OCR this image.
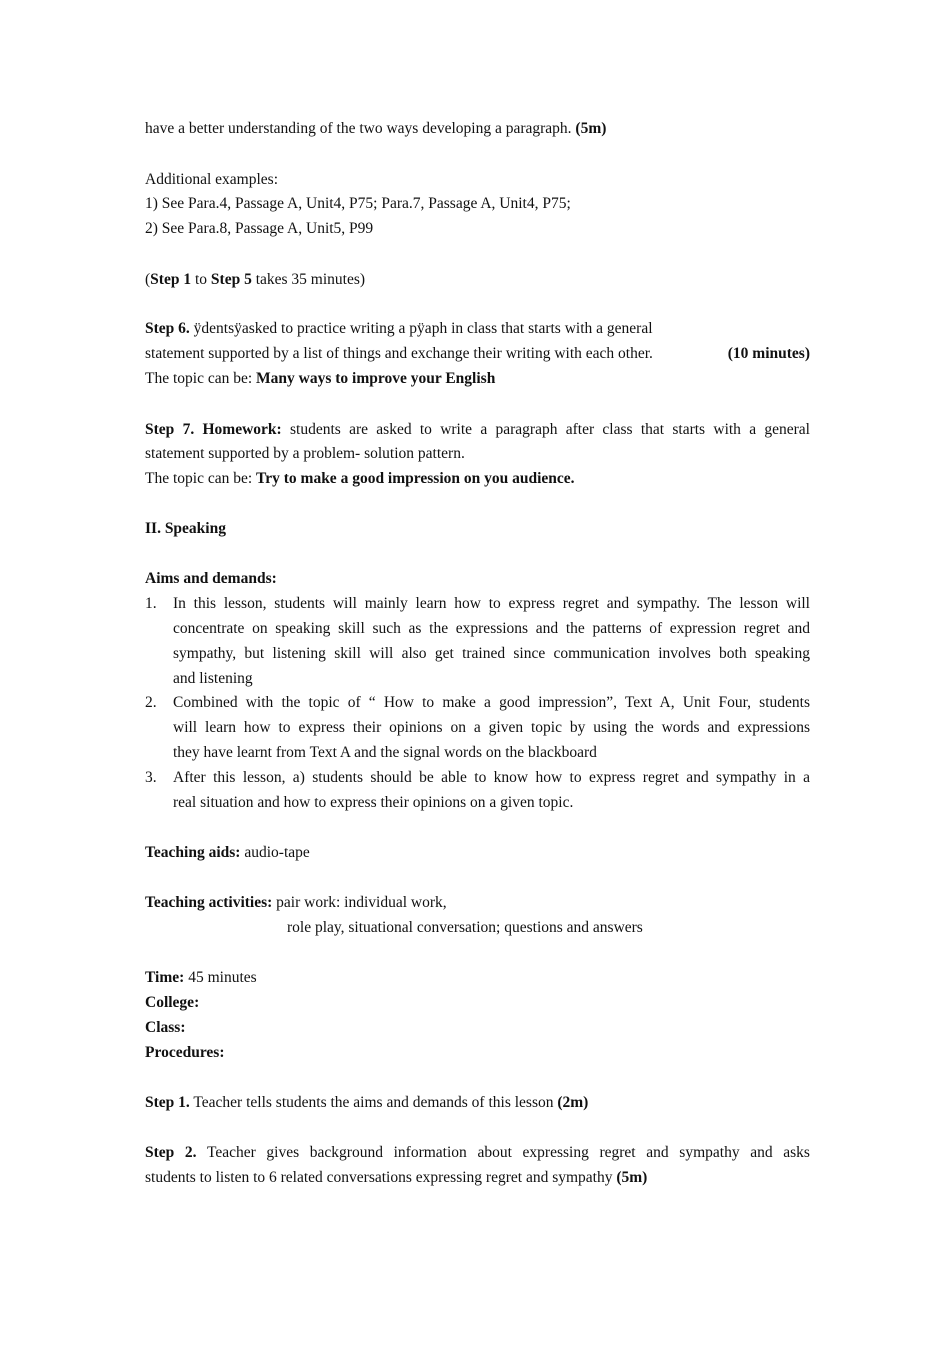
have a better understanding of the two ways developing a paragraph. (5m)
Additional examples:
1) See Para.4, Passage A, Unit4, P75; Para.7, Passage A, Unit4, P75;
2) See Para.8, Passage A, Unit5, P99
(Step 1 to Step 5 takes 35 minutes)
Step 6. ÿdentsÿasked to practice writing a pÿaph in class that starts with a general
statement supported by a list of things and exchange their writing with each other.	(10 minutes)
The topic can be: Many ways to improve your English
Step 7. Homework: students are asked to write a paragraph after class that starts with a general
statement supported by a problem- solution pattern.
The topic can be: Try to make a good impression on you audience.
II. Speaking
Aims and demands:
1. In this lesson, students will mainly learn how to express regret and sympathy. The lesson will
concentrate on speaking skill such as the expressions and the patterns of expression regret and
sympathy, but listening skill will also get trained since communication involves both speaking
and listening
2. Combined with the topic of “ How to make a good impression”, Text A, Unit Four, students
will learn how to express their opinions on a given topic by using the words and expressions
they have learnt from Text A and the signal words on the blackboard
3. After this lesson, a) students should be able to know how to express regret and sympathy in a
real situation and how to express their opinions on a given topic.
Teaching aids: audio-tape
Teaching activities: pair work: individual work,
role play, situational conversation; questions and answers
Time: 45 minutes
College:
Class:
Procedures:
Step 1. Teacher tells students the aims and demands of this lesson (2m)
Step 2. Teacher gives background information about expressing regret and sympathy and asks
students to listen to 6 related conversations expressing regret and sympathy (5m)
